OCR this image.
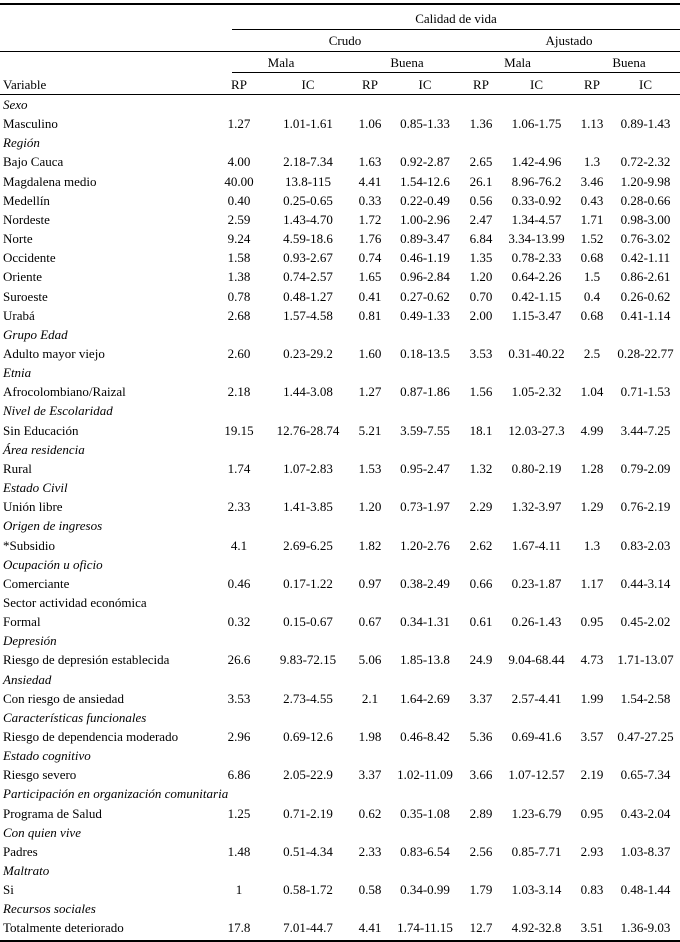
Calidad de vida
Crudo	Ajustado
Mala	Buena	Mala	Buena
Variable	RP	IC	RP	IC	RP	IC	RP	IC
Sexo
Masculino	1.27	1.01-1.61	1.06	0.85-1.33	1.36	1.06-1.75	1.13	0.89-1.43
Región
Bajo Cauca	4.00	2.18-7.34	1.63	0.92-2.87	2.65	1.42-4.96	1.3	0.72-2.32
Magdalena medio	40.00	13.8-115	4.41	1.54-12.6	26.1	8.96-76.2	3.46	1.20-9.98
Medellín	0.40	0.25-0.65	0.33	0.22-0.49	0.56	0.33-0.92	0.43	0.28-0.66
Nordeste	2.59	1.43-4.70	1.72	1.00-2.96	2.47	1.34-4.57	1.71	0.98-3.00
Norte	9.24	4.59-18.6	1.76	0.89-3.47	6.84	3.34-13.99	1.52	0.76-3.02
Occidente	1.58	0.93-2.67	0.74	0.46-1.19	1.35	0.78-2.33	0.68	0.42-1.11
Oriente	1.38	0.74-2.57	1.65	0.96-2.84	1.20	0.64-2.26	1.5	0.86-2.61
Suroeste	0.78	0.48-1.27	0.41	0.27-0.62	0.70	0.42-1.15	0.4	0.26-0.62
Urabá	2.68	1.57-4.58	0.81	0.49-1.33	2.00	1.15-3.47	0.68	0.41-1.14
Grupo Edad
Adulto mayor viejo	2.60	0.23-29.2	1.60	0.18-13.5	3.53	0.31-40.22	2.5	0.28-22.77
Etnia
Afrocolombiano/Raizal	2.18	1.44-3.08	1.27	0.87-1.86	1.56	1.05-2.32	1.04	0.71-1.53
Nivel de Escolaridad
Sin Educación	19.15	12.76-28.74	5.21	3.59-7.55	18.1	12.03-27.3	4.99	3.44-7.25
Área residencia
Rural	1.74	1.07-2.83	1.53	0.95-2.47	1.32	0.80-2.19	1.28	0.79-2.09
Estado Civil
Unión libre	2.33	1.41-3.85	1.20	0.73-1.97	2.29	1.32-3.97	1.29	0.76-2.19
Origen de ingresos
*Subsidio	4.1	2.69-6.25	1.82	1.20-2.76	2.62	1.67-4.11	1.3	0.83-2.03
Ocupación u oficio
Comerciante	0.46	0.17-1.22	0.97	0.38-2.49	0.66	0.23-1.87	1.17	0.44-3.14
Sector actividad económica
Formal	0.32	0.15-0.67	0.67	0.34-1.31	0.61	0.26-1.43	0.95	0.45-2.02
Depresión
Riesgo de depresión establecida	26.6	9.83-72.15	5.06	1.85-13.8	24.9	9.04-68.44	4.73	1.71-13.07
Ansiedad
Con riesgo de ansiedad	3.53	2.73-4.55	2.1	1.64-2.69	3.37	2.57-4.41	1.99	1.54-2.58
Características funcionales
Riesgo de dependencia moderado	2.96	0.69-12.6	1.98	0.46-8.42	5.36	0.69-41.6	3.57	0.47-27.25
Estado cognitivo
Riesgo severo	6.86	2.05-22.9	3.37	1.02-11.09	3.66	1.07-12.57	2.19	0.65-7.34
Participación en organización comunitaria
Programa de Salud	1.25	0.71-2.19	0.62	0.35-1.08	2.89	1.23-6.79	0.95	0.43-2.04
Con quien vive
Padres	1.48	0.51-4.34	2.33	0.83-6.54	2.56	0.85-7.71	2.93	1.03-8.37
Maltrato
Si	1	0.58-1.72	0.58	0.34-0.99	1.79	1.03-3.14	0.83	0.48-1.44
Recursos sociales
Totalmente deteriorado	17.8	7.01-44.7	4.41	1.74-11.15	12.7	4.92-32.8	3.51	1.36-9.03
